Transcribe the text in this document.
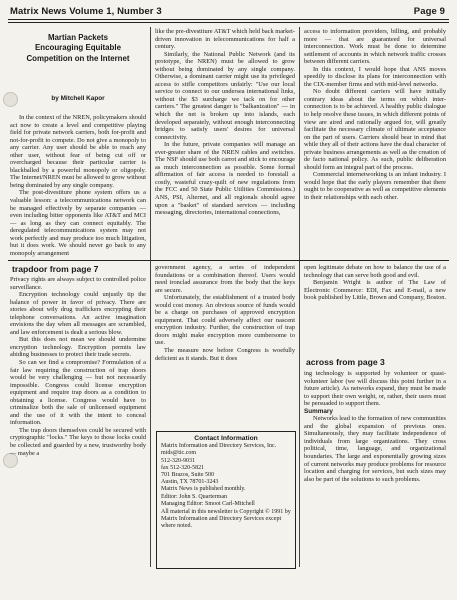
Matrix News Volume 1, Number 3	Page 9
Martian Packets
Encouraging Equitable
Competition on the Internet
by Mitchell Kapor

In the context of the NREN, policymakers should act now to create a level and competitive playing field for private network carriers, both for-profit and not-for-profit to compete. Do not give a monopoly to any carrier. Any user should be able to reach any other user, without fear of being cut off or overcharged because their particular carrier is blackballed by a powerful monopoly or oligopoly. The Internet/NREN must be allowed to grow without being dominated by any single company.

The post-divestiture phone system offers us a valuable lesson: a telecommunications network can be managed effectively by separate companies — even including bitter opponents like AT&T and MCI — as long as they can connect equitably. The deregulated telecommunications system may not work perfectly and may produce too much litigation, but it does work. We should never go back to any monopoly arrangement

like the pre-divestiture AT&T which held back market-driven innovation in telecommunications for half a century.

Similarly, the National Public Network (and its prototype, the NREN) must be allowed to grow without being dominated by any single company. Otherwise, a dominant carrier might use its privileged access to stifle competitors unfairly: "Use our local service to connect to our undersea international links, without the $3 surcharge we tack on for other carriers." The greatest danger is "balkanization" — in which the net is broken up into islands, each developed separately, without enough interconnecting bridges to satisfy users' desires for universal connectivity.

In the future, private companies will manage an ever-greater share of the NREN cables and switches. The NSF should use both carrot and stick to encourage as much interconnection as possible. Some formal affirmation of fair access is needed to forestall a costly, wasteful crazy-quilt of new regulations from the FCC and 50 State Public Utilities Commissions.) ANS, PSI, Alternet, and all regionals should agree upon a "basket" of standard services — including messaging, directories, international connections,

access to information providers, billing, and probably more — that are guaranteed for universal interconnection. Work must be done to determine settlement of accounts in which network traffic crosses between different carriers.

In this context, I would hope that ANS moves speedily to disclose its plans for interconnection with the CIX-member firms and with mid-level networks.

No doubt different carriers will have initially contrary ideas about the terms on which inter-connection is to be achieved. A healthy public dialogue to help resolve these issues, in which different points of view are aired and rationally argued for, will greatly facilitate the necessary climate of ultimate acceptance on the part of users. Carriers should bear in mind that while they all of their actions have the dual character of private business arrangements as well as the creation of de facto national policy. As such, public deliberation should form an integral part of the process.

Commercial internetworking is an infant industry. I would hope that the early players remember that there ought to be cooperative as well as competitive elements in their relationships with each other.

trapdoor from page 7

Privacy rights are always subject to controlled police surveillance.

Encryption technology could unjustly tip the balance of power in favor of privacy. There are stories about wily drug traffickers encrypting their telephone conversations. An active imagination envisions the day when all messages are scrambled, and law enforcement is dealt a serious blow.

But this does not mean we should undermine encryption technology. Encryption permits law abiding businesses to protect their trade secrets.

So can we find a compromise? Formulation of a fair law requiring the construction of trap doors would be very challenging — but not necessarily impossible. Congress could license encryption equipment and require trap doors as a condition to obtaining a license. Congress would have to criminalize both the sale of unlicensed equipment and the use of it with the intent to conceal information.

The trap doors themselves could be secured with cryptographic "locks." The keys to those locks could be collected and guarded by a new, trustworthy body — maybe a

government agency, a series of independent foundations or a combination thereof. Users would need ironclad assurance from the body that the keys are secure.

Unfortunately, the establishment of a trusted body would cost money. An obvious source of funds would be a charge on purchases of approved encryption equipment. That could adversely affect our nascent encryption industry. Further, the construction of trap doors might make encryption more cumbersome to use.

The measure now before Congress is woefully deficient as it stands. But it does

open legitimate debate on how to balance the use of a technology that can serve both good and evil.

Benjamin Wright is author of The Law of Electronic Commerce: EDI, Fax and E-mail, a new book published by Little, Brown and Company, Boston.

Contact Information
Matrix Information and Directory Services, Inc.
mids@tic.com
512-320-9031
fax 512-320-5821
701 Brazos, Suite 500
Austin, TX 78701-3243
Matrix News is published monthly.
Editor: John S. Quarterman
Managing Editor: Smoot Carl-Mitchell
All material in this newsletter is Copyright © 1991 by Matrix Information and Directory Services except where noted.
across from page 3

ing technology is supported by volunteer or quasi-volunteer labor (we will discuss this point further in a future article). As networks expand, they must be made to support their own weight, or, rather, their users must be persuaded to support them.

Summary

Networks lead to the formation of new communities and the global expansion of previous ones. Simultaneously, they may facilitate independence of individuals from large organizations. They cross political, time, language, and organizational boundaries. The large and exponentially growing sizes of current networks may produce problems for resource location and charging for services, but such sizes may also be part of the solutions to such problems.
